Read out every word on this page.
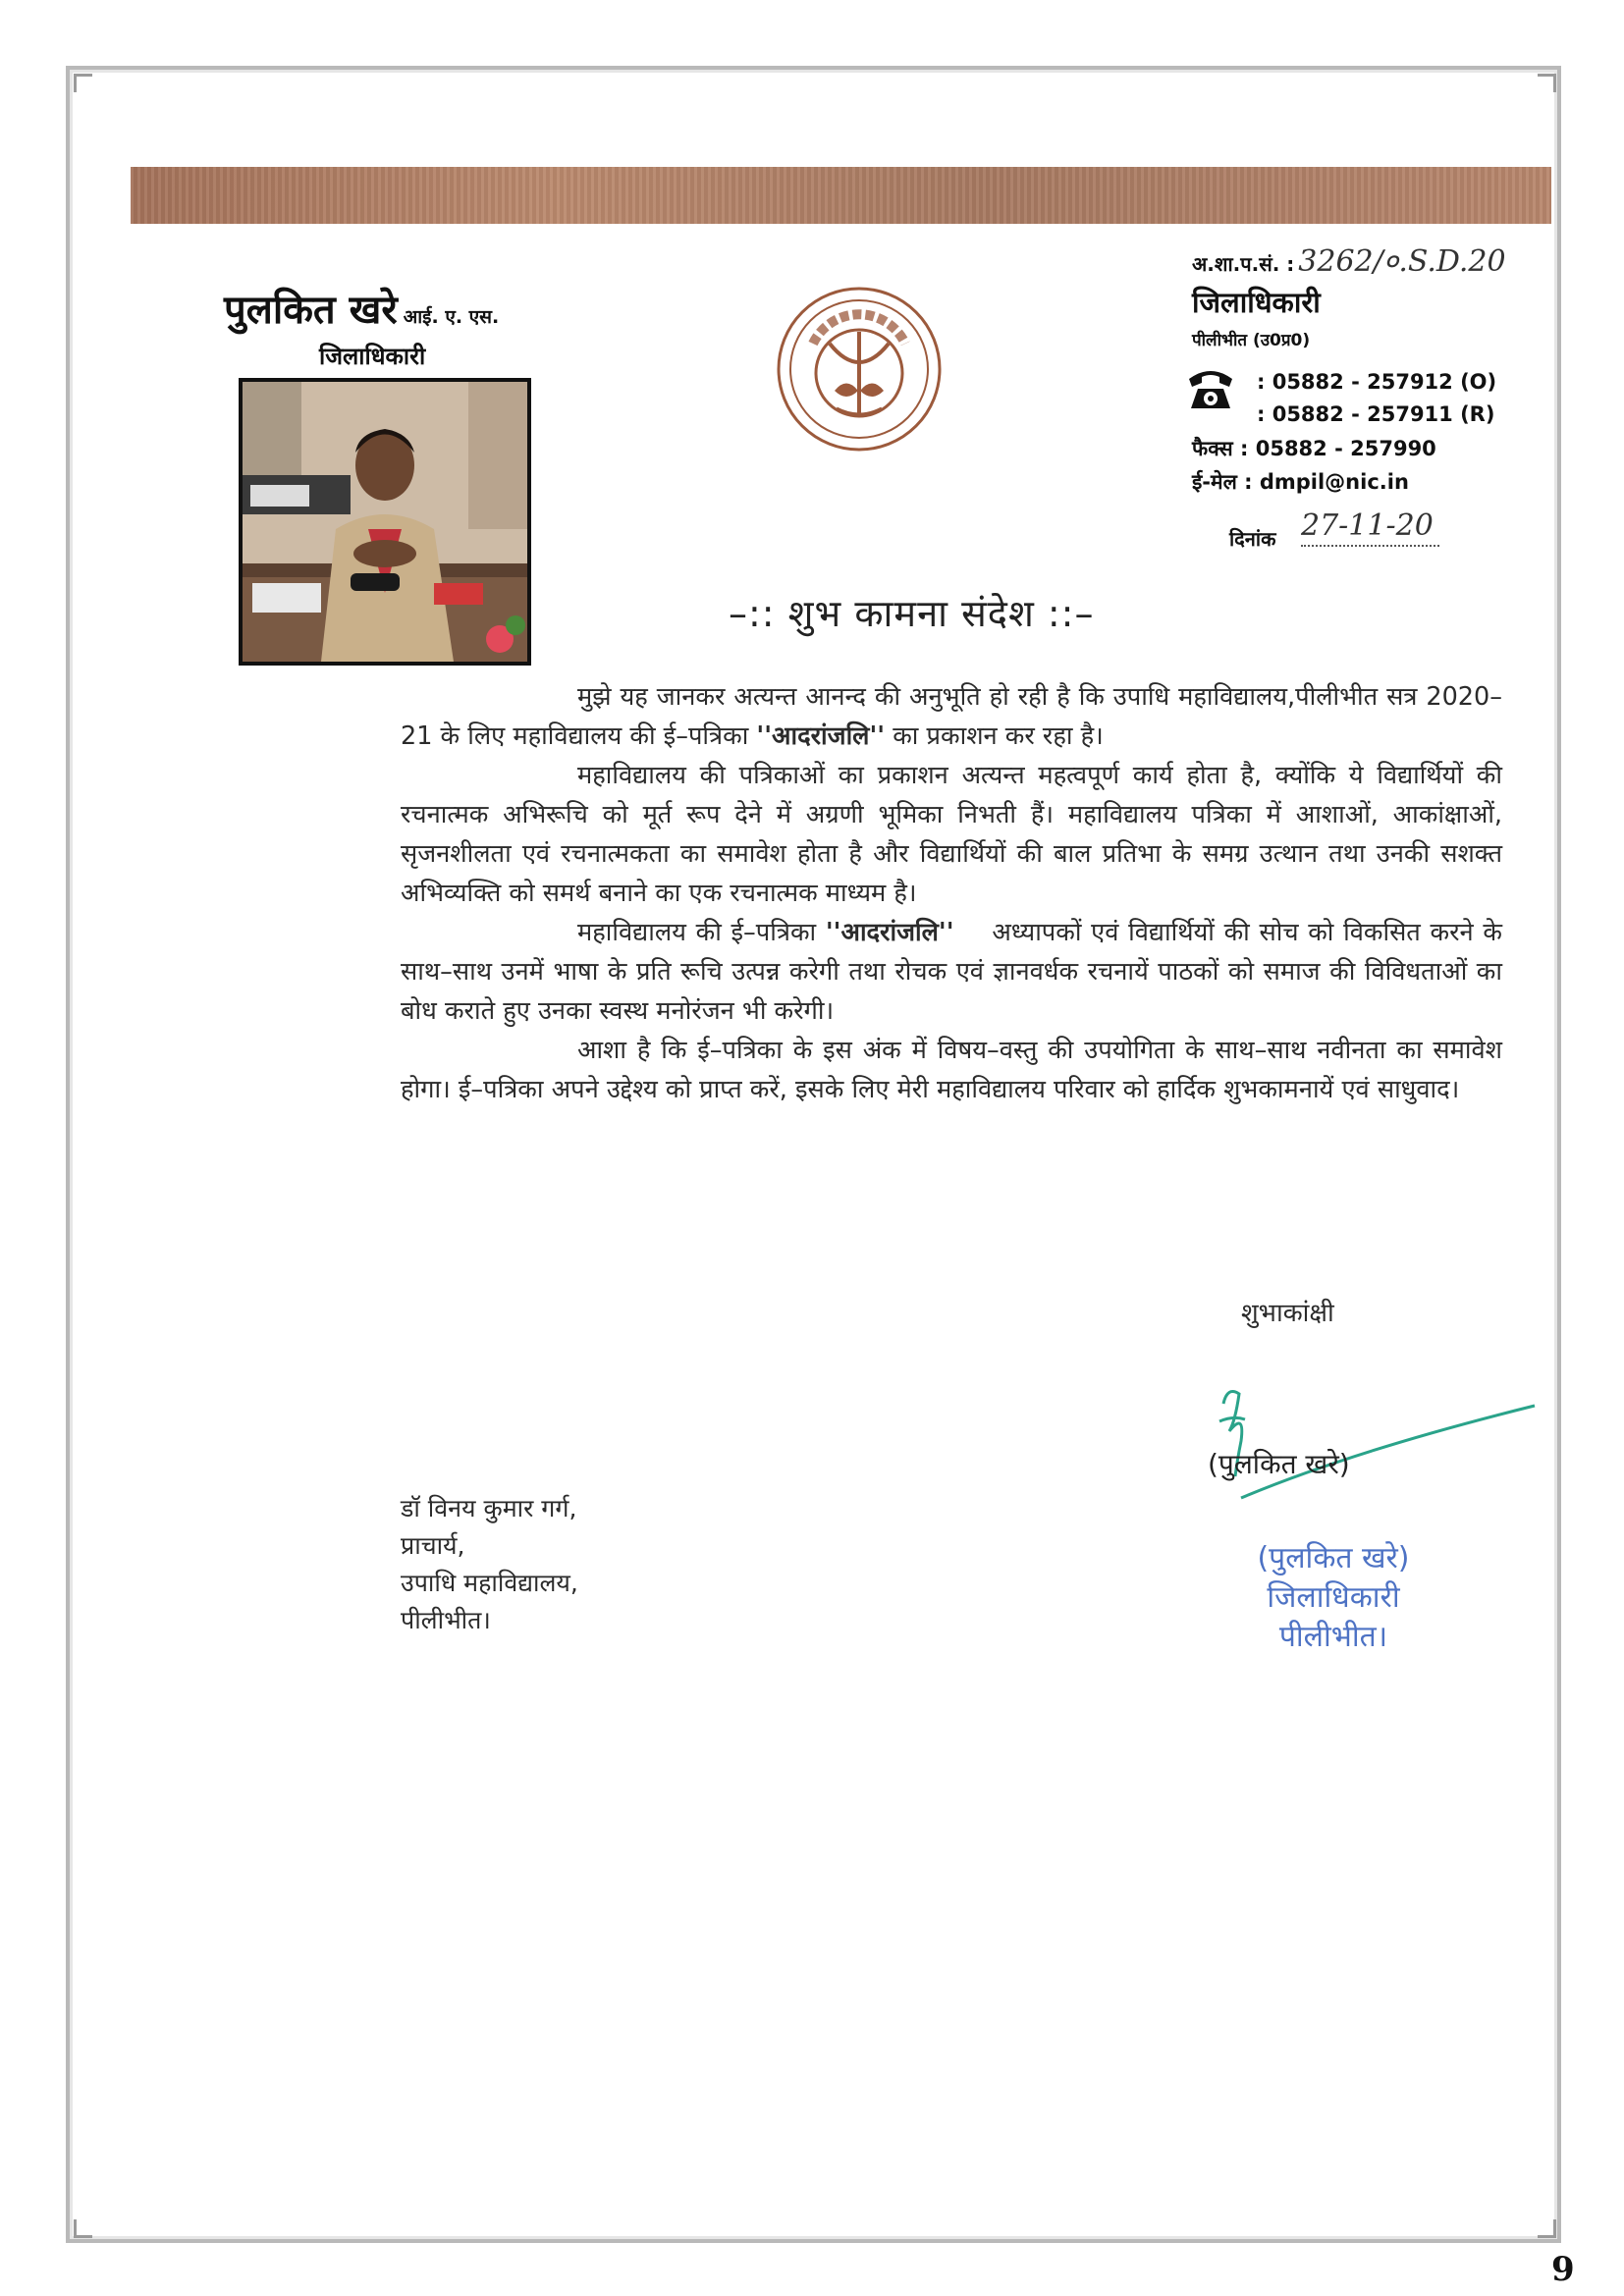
पुलकित खरे आई. ए. एस.
जिलाधिकारी
अ.शा.प.सं. : 3262/०.S.D.20
जिलाधिकारी
पीलीभीत (उ0प्र0)
: 05882 - 257912 (O)
: 05882 - 257911 (R)
फैक्स : 05882 - 257990
ई-मेल : dmpil@nic.in
दिनांक 27-11-20
–:: शुभ कामना संदेश ::–

मुझे यह जानकर अत्यन्त आनन्द की अनुभूति हो रही है कि उपाधि महाविद्यालय,पीलीभीत सत्र 2020–21 के लिए महाविद्यालय की ई–पत्रिका ''आदरांजलि'' का प्रकाशन कर रहा है।

महाविद्यालय की पत्रिकाओं का प्रकाशन अत्यन्त महत्वपूर्ण कार्य होता है, क्योंकि ये विद्यार्थियों की रचनात्मक अभिरूचि को मूर्त रूप देने में अग्रणी भूमिका निभती हैं। महाविद्यालय पत्रिका में आशाओं, आकांक्षाओं, सृजनशीलता एवं रचनात्मकता का समावेश होता है और विद्यार्थियों की बाल प्रतिभा के समग्र उत्थान तथा उनकी सशक्त अभिव्यक्ति को समर्थ बनाने का एक रचनात्मक माध्यम है।

महाविद्यालय की ई–पत्रिका ''आदरांजलि'' अध्यापकों एवं विद्यार्थियों की सोच को विकसित करने के साथ–साथ उनमें भाषा के प्रति रूचि उत्पन्न करेगी तथा रोचक एवं ज्ञानवर्धक रचनायें पाठकों को समाज की विविधताओं का बोध कराते हुए उनका स्वस्थ मनोरंजन भी करेगी।

आशा है कि ई–पत्रिका के इस अंक में विषय–वस्तु की उपयोगिता के साथ–साथ नवीनता का समावेश होगा। ई–पत्रिका अपने उद्देश्य को प्राप्त करें, इसके लिए मेरी महाविद्यालय परिवार को हार्दिक शुभकामनायें एवं साधुवाद।

शुभाकांक्षी
(पुलकित खरे)
डॉ विनय कुमार गर्ग,
प्राचार्य,
उपाधि महाविद्यालय,
पीलीभीत।
(पुलकित खरे)
जिलाधिकारी
पीलीभीत।
9
